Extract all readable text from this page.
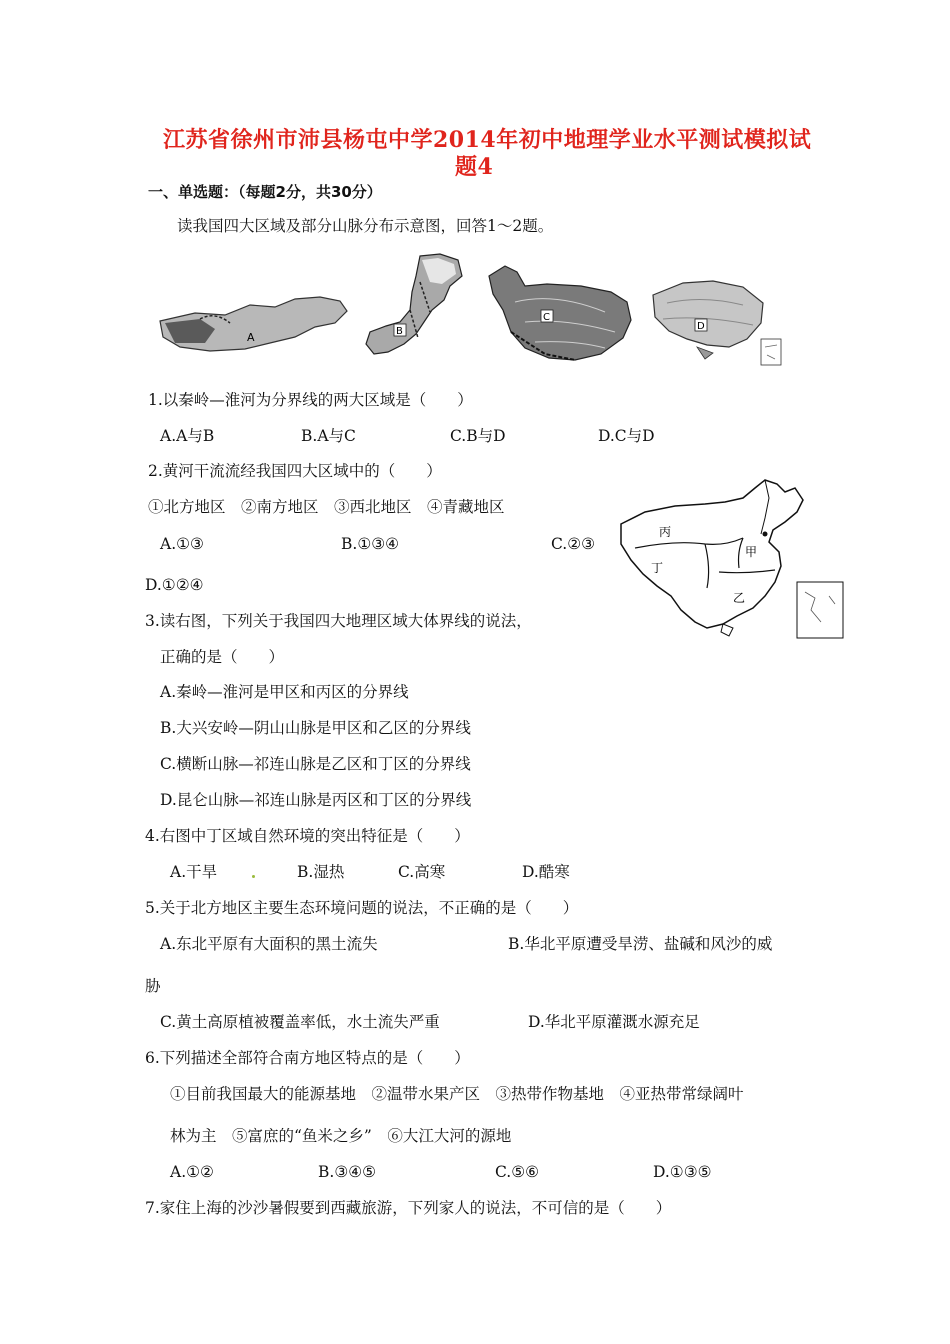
江苏省徐州市沛县杨屯中学2014年初中地理学业水平测试模拟试
题4
一、单选题：（每题2分，共30分）
读我国四大区域及部分山脉分布示意图，回答1～2题。
A	B
C
D
丙
甲
丁
乙
1.以秦岭—淮河为分界线的两大区域是（　　）
A.A与B	B.A与C	C.B与D	D.C与D
2.黄河干流流经我国四大区域中的（　　）
①北方地区　②南方地区　③西北地区　④青藏地区
A.①③	B.①③④	C.②③
D.①②④
3.读右图，下列关于我国四大地理区域大体界线的说法，
正确的是（　　）
A.秦岭—淮河是甲区和丙区的分界线
B.大兴安岭—阴山山脉是甲区和乙区的分界线
C.横断山脉—祁连山脉是乙区和丁区的分界线
D.昆仑山脉—祁连山脉是丙区和丁区的分界线
4.右图中丁区域自然环境的突出特征是（　　）
A.干旱	B.湿热	C.高寒	D.酷寒
5.关于北方地区主要生态环境问题的说法，不正确的是（　　）
A.东北平原有大面积的黑土流失	B.华北平原遭受旱涝、盐碱和风沙的威
胁
C.黄土高原植被覆盖率低，水土流失严重	D.华北平原灌溉水源充足
6.下列描述全部符合南方地区特点的是（　　）
①目前我国最大的能源基地　②温带水果产区　③热带作物基地　④亚热带常绿阔叶
林为主　⑤富庶的“鱼米之乡”　⑥大江大河的源地
A.①②	B.③④⑤	C.⑤⑥	D.①③⑤
7.家住上海的沙沙暑假要到西藏旅游，下列家人的说法，不可信的是（　　）
